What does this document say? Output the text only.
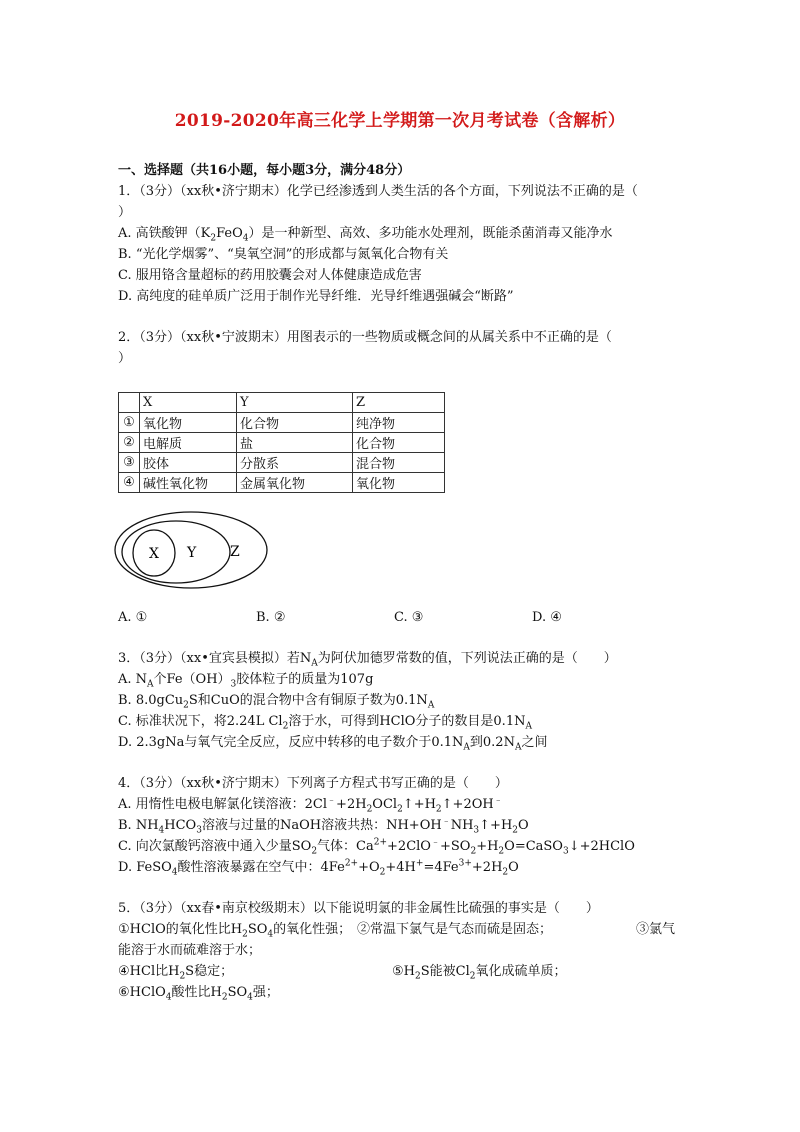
2019-2020年高三化学上学期第一次月考试卷（含解析）
一、选择题（共16小题，每小题3分，满分48分）
1．（3分）（xx秋•济宁期末）化学已经渗透到人类生活的各个方面，下列说法不正确的是（
）
A. 高铁酸钾$(K_2FeO_4)$是一种新型、高效、多功能水处理剂，既能杀菌消毒又能净水
B. “光化学烟雾”、“臭氧空洞”的形成都与氮氧化合物有关
C. 服用铬含量超标的药用胶囊会对人体健康造成危害
D. 高纯度的硅单质广泛用于制作光导纤维．光导纤维遇强碱会“断路”
2．（3分）（xx秋•宁波期末）用图表示的一些物质或概念间的从属关系中不正确的是（
）
	X	Y	Z
①	氧化物	化合物	纯净物
②	电解质	盐	化合物
③	胶体	分散系	混合物
④	碱性氧化物	金属氧化物	氧化物
X Y Z
A. ①	B. ②	C. ③	D. ④
3．（3分）（xx•宜宾县模拟）若$N_A$为阿伏加德罗常数的值，下列说法正确的是（　　）
A. $N_A$个$Fe(OH)_3$胶体粒子的质量为107g
B. 8.0gCu$_2$S和CuO的混合物中含有铜原子数为$0.1N_A$
C. 标准状况下，将2.24L $Cl_2$溶于水，可得到HClO分子的数目是$0.1N_A$
D. 2.3gNa与氧气完全反应，反应中转移的电子数介于$0.1N_A$到$0.2N_A$之间
4．（3分）（xx秋•济宁期末）下列离子方程式书写正确的是（　　）
A. 用惰性电极电解氯化镁溶液：$2Cl^﹣+2H_2OCl_2↑+H_2↑+2OH^﹣$
B. $NH_4HCO_3$溶液与过量的NaOH溶液共热：$NH+OH^﹣NH_3↑+H_2O$
C. 向次氯酸钙溶液中通入少量$SO_2$气体：$Ca^{2+}+2ClO^﹣+SO_2+H_2O=CaSO_3↓+2HClO$
D. FeSO$_4$酸性溶液暴露在空气中：$4Fe^{2+}+O_2+4H^+=4Fe^{3+}+2H_2O$
5．（3分）（xx春•南京校级期末）以下能说明氯的非金属性比硫强的事实是（　　）
①HClO的氧化性比$H_2SO_4$的氧化性强； ②常温下氯气是气态而硫是固态；	③氯气
能溶于水而硫难溶于水；
④HCl比$H_2S$稳定；	$⑤H_2S$能被$Cl_2$氧化成硫单质；
⑥HClO$_4$酸性比$H_2SO_4$强；
